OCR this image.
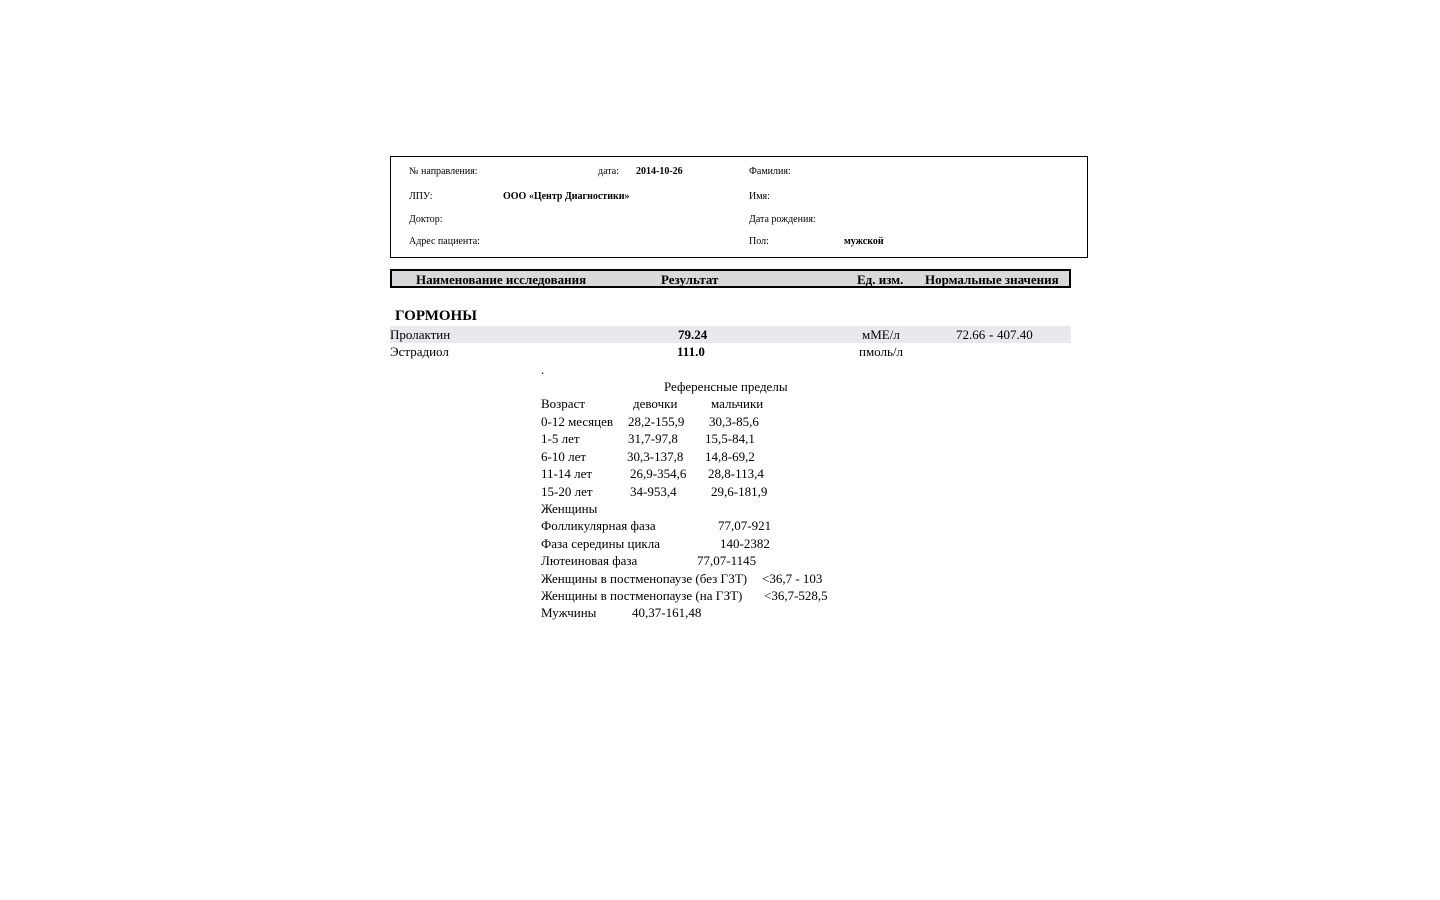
№ направления:	дата: 2014-10-26	Фамилия:
ЛПУ:	ООО «Центр Диагностики»	Имя:
Доктор:	Дата рождения:
Адрес пациента:	Пол:	мужской
Наименование исследования	Результат	Ед. изм. Нормальные значения
ГОРМОНЫ
Пролактин	79.24	мМЕ/л	72.66 - 407.40
Эстрадиол	111.0	пмоль/л
.
Референсные пределы
Возраст	девочки	мальчики
0-12 месяцев 28,2-155,9 30,3-85,6
1-5 лет	31,7-97,8 15,5-84,1
6-10 лет	30,3-137,8 14,8-69,2
11-14 лет	26,9-354,6 28,8-113,4
15-20 лет	34-953,4	29,6-181,9
Женщины
Фолликулярная фаза	77,07-921
Фаза середины цикла	140-2382
Лютеиновая фаза	77,07-1145
Женщины в постменопаузе (без ГЗТ) <36,7 - 103
Женщины в постменопаузе (на ГЗТ) <36,7-528,5
Мужчины	40,37-161,48
